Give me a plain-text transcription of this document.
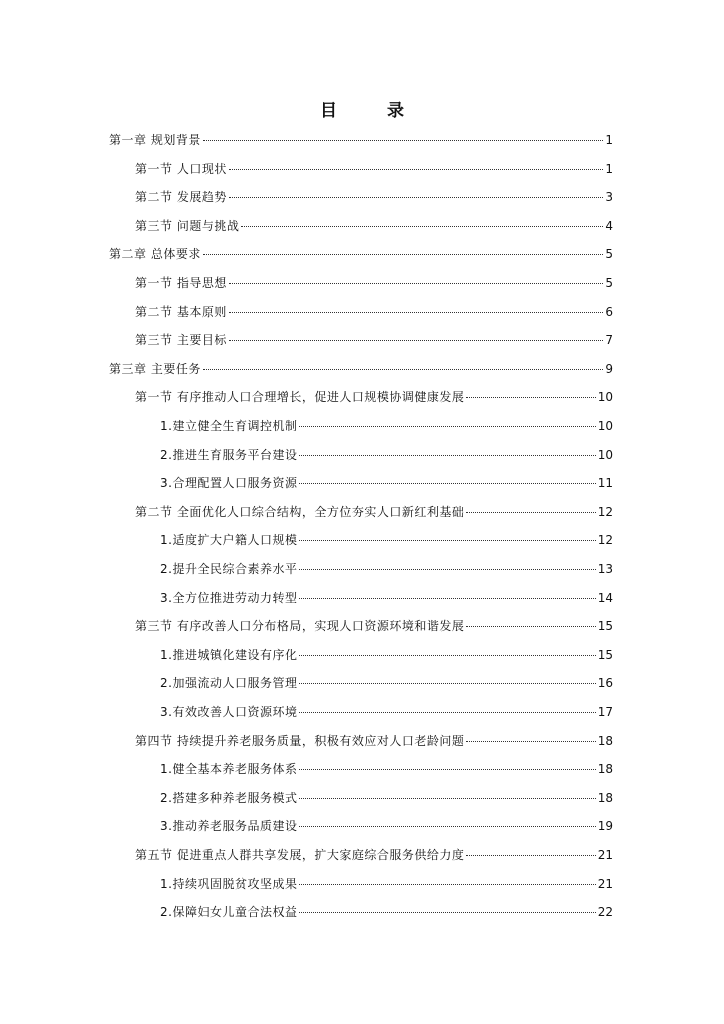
目 录
第一章 规划背景	1
第一节 人口现状	1
第二节 发展趋势	3
第三节 问题与挑战	4
第二章 总体要求	5
第一节 指导思想	5
第二节 基本原则	6
第三节 主要目标	7
第三章 主要任务	9
第一节 有序推动人口合理增长，促进人口规模协调健康发展	10
1.建立健全生育调控机制	10
2.推进生育服务平台建设	10
3.合理配置人口服务资源	11
第二节 全面优化人口综合结构，全方位夯实人口新红利基础	12
1.适度扩大户籍人口规模	12
2.提升全民综合素养水平	13
3.全方位推进劳动力转型	14
第三节 有序改善人口分布格局，实现人口资源环境和谐发展	15
1.推进城镇化建设有序化	15
2.加强流动人口服务管理	16
3.有效改善人口资源环境	17
第四节 持续提升养老服务质量，积极有效应对人口老龄问题	18
1.健全基本养老服务体系	18
2.搭建多种养老服务模式	18
3.推动养老服务品质建设	19
第五节 促进重点人群共享发展，扩大家庭综合服务供给力度	21
1.持续巩固脱贫攻坚成果	21
2.保障妇女儿童合法权益	22
